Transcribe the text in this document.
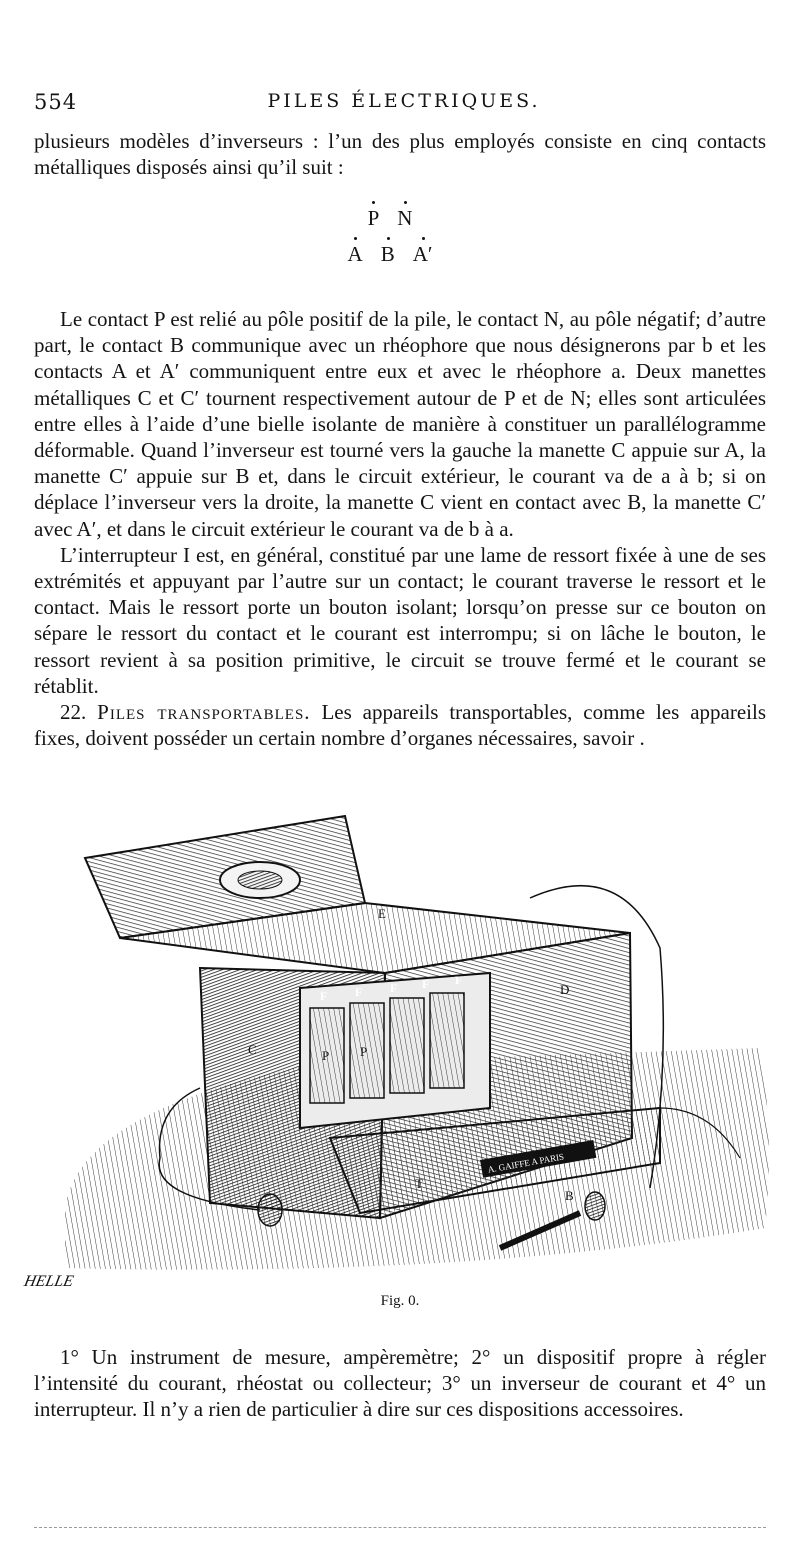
554	PILES ÉLECTRIQUES.

plusieurs modèles d’inverseurs : l’un des plus employés consiste en cinq contacts métalliques disposés ainsi qu’il suit :

P N
A B A′

Le contact P est relié au pôle positif de la pile, le contact N, au pôle négatif; d’autre part, le contact B communique avec un rhéophore que nous désignerons par b et les contacts A et A′ communiquent entre eux et avec le rhéophore a. Deux manettes métalliques C et C′ tournent respectivement autour de P et de N; elles sont articulées entre elles à l’aide d’une bielle isolante de manière à constituer un parallélogramme déformable. Quand l’inverseur est tourné vers la gauche la manette C appuie sur A, la manette C′ appuie sur B et, dans le circuit extérieur, le courant va de a à b; si on déplace l’inverseur vers la droite, la manette C vient en contact avec B, la manette C′ avec A′, et dans le circuit extérieur le courant va de b à a.

L’interrupteur I est, en général, constitué par une lame de ressort fixée à une de ses extrémités et appuyant par l’autre sur un contact; le courant traverse le ressort et le contact. Mais le ressort porte un bouton isolant; lorsqu’on presse sur ce bouton on sépare le ressort du contact et le courant est interrompu; si on lâche le bouton, le ressort revient à sa position primitive, le circuit se trouve fermé et le courant se rétablit.

22. Piles transportables. Les appareils transportables, comme les appareils fixes, doivent posséder un certain nombre d’organes nécessaires, savoir .

A. GAIFFE A PARIS
F F F F F
P P
D
C
T
E
B
HELLE
Fig. 0.

1° Un instrument de mesure, ampèremètre; 2° un dispositif propre à régler l’intensité du courant, rhéostat ou collecteur; 3° un inverseur de courant et 4° un interrupteur. Il n’y a rien de particulier à dire sur ces dispositions accessoires.
